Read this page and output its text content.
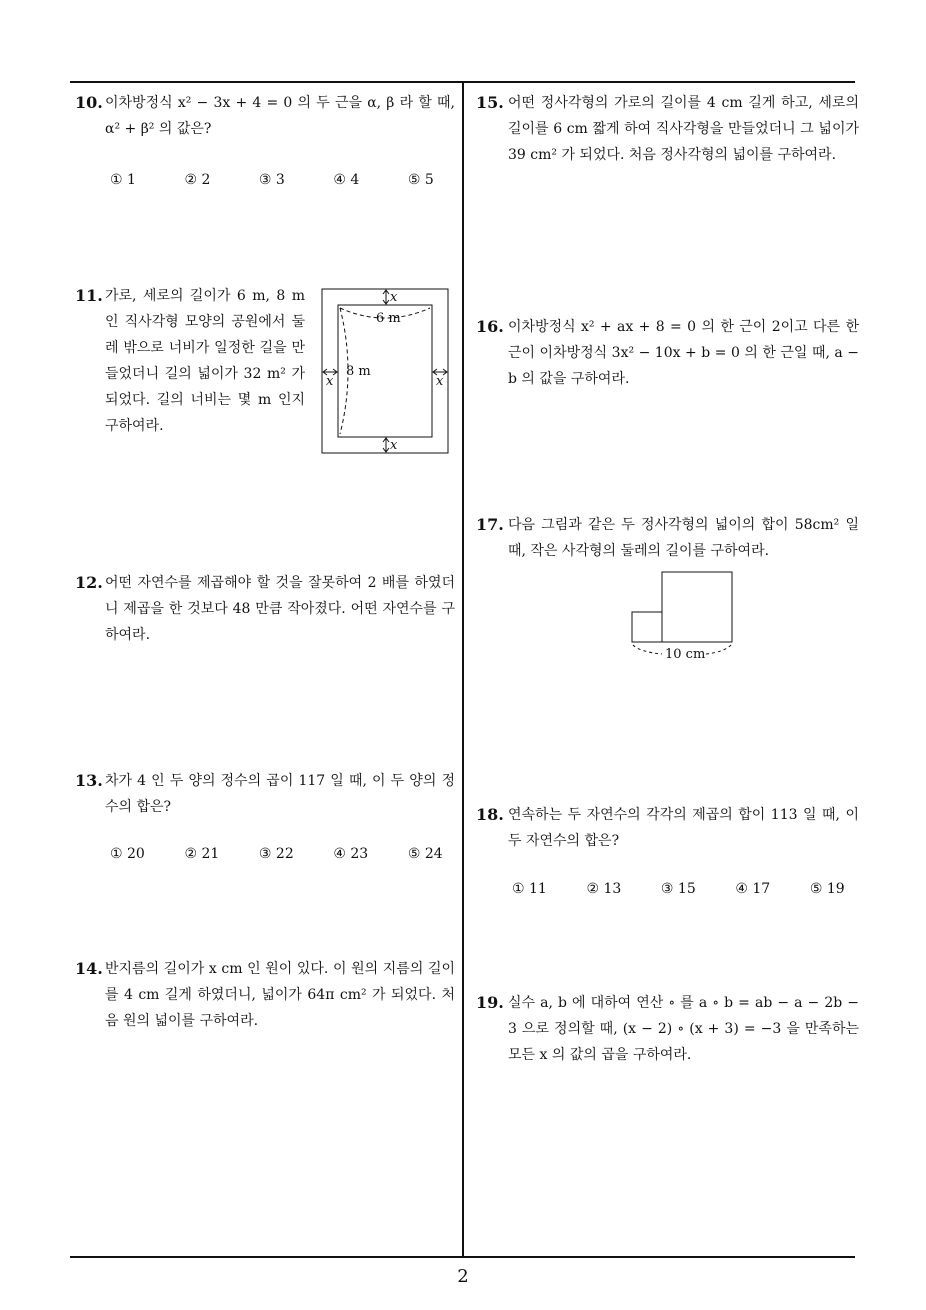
10. 이차방정식 x² − 3x + 4 = 0 의 두 근을 α, β 라 할 때, α² + β² 의 값은?

① 1	② 2	③ 3	④ 4	⑤ 5
11. 가로, 세로의 길이가 6 m, 8 m 인 직사각형 모양의 공원에서 둘레 밖으로 너비가 일정한 길을 만들었더니 길의 넓이가 32 m² 가 되었다. 길의 너비는 몇 m 인지 구하여라.

x
x
x	x
6 m
8 m
12. 어떤 자연수를 제곱해야 할 것을 잘못하여 2 배를 하였더니 제곱을 한 것보다 48 만큼 작아졌다. 어떤 자연수를 구하여라.

13. 차가 4 인 두 양의 정수의 곱이 117 일 때, 이 두 양의 정수의 합은?

① 20	② 21	③ 22	④ 23	⑤ 24
14. 반지름의 길이가 x cm 인 원이 있다. 이 원의 지름의 길이를 4 cm 길게 하였더니, 넓이가 64π cm² 가 되었다. 처음 원의 넓이를 구하여라.

15. 어떤 정사각형의 가로의 길이를 4 cm 길게 하고, 세로의 길이를 6 cm 짧게 하여 직사각형을 만들었더니 그 넓이가 39 cm² 가 되었다. 처음 정사각형의 넓이를 구하여라.

16. 이차방정식 x² + ax + 8 = 0 의 한 근이 2이고 다른 한 근이 이차방정식 3x² − 10x + b = 0 의 한 근일 때, a − b 의 값을 구하여라.

17. 다음 그림과 같은 두 정사각형의 넓이의 합이 58cm² 일 때, 작은 사각형의 둘레의 길이를 구하여라.

10 cm
18. 연속하는 두 자연수의 각각의 제곱의 합이 113 일 때, 이 두 자연수의 합은?

① 11	② 13	③ 15	④ 17	⑤ 19
19. 실수 a, b 에 대하여 연산 ∘ 를 a ∘ b = ab − a − 2b − 3 으로 정의할 때, (x − 2) ∘ (x + 3) = −3 을 만족하는 모든 x 의 값의 곱을 구하여라.

2
